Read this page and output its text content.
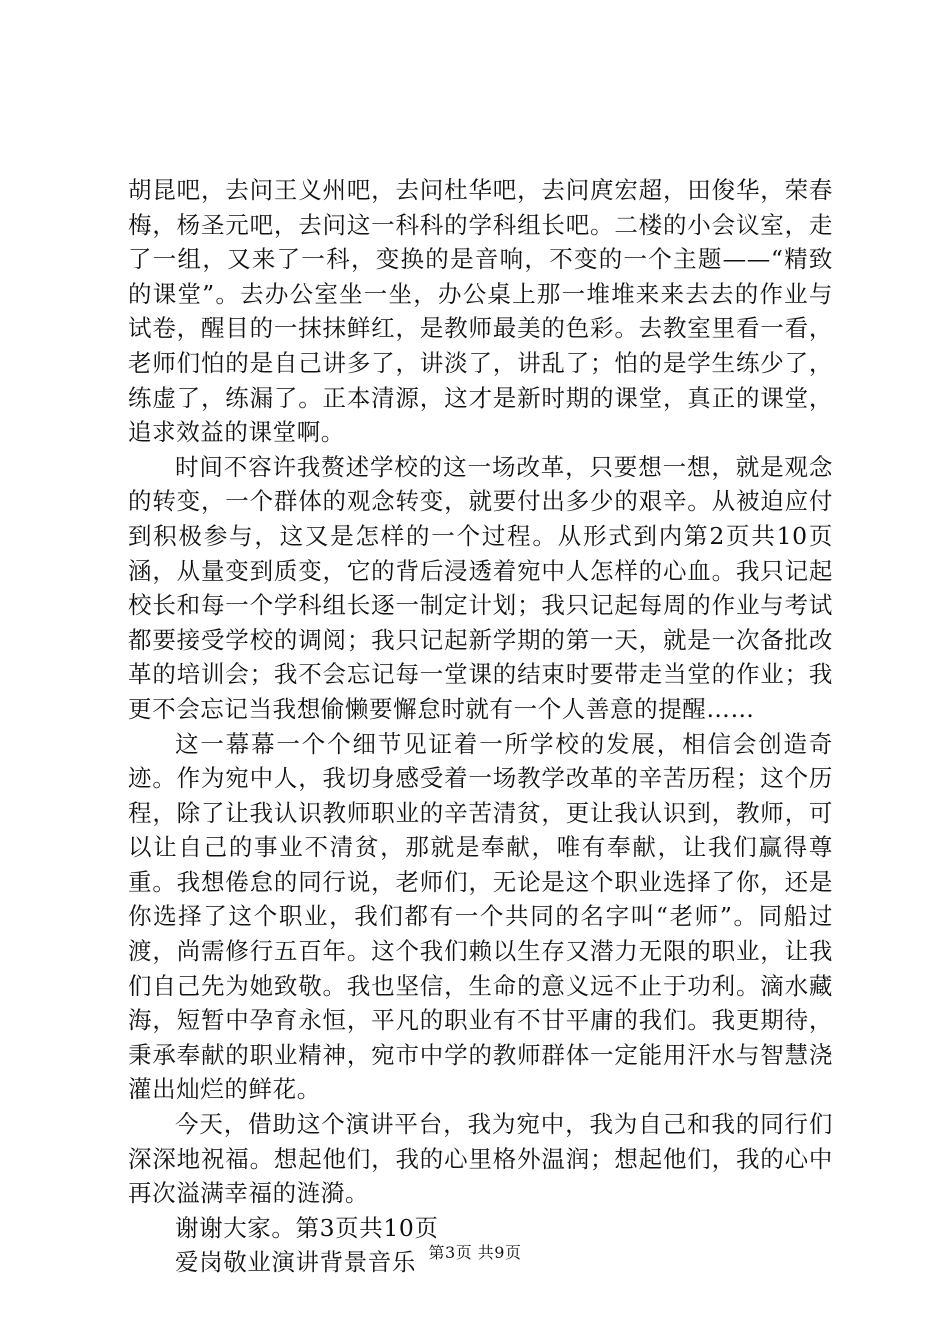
胡昆吧，去问王义州吧，去问杜华吧，去问庹宏超，田俊华，荣春梅，杨圣元吧，去问这一科科的学科组长吧。二楼的小会议室，走了一组，又来了一科，变换的是音响，不变的一个主题——“精致的课堂”。去办公室坐一坐，办公桌上那一堆堆来来去去的作业与试卷，醒目的一抹抹鲜红，是教师最美的色彩。去教室里看一看，老师们怕的是自己讲多了，讲淡了，讲乱了；怕的是学生练少了，练虚了，练漏了。正本清源，这才是新时期的课堂，真正的课堂，追求效益的课堂啊。

时间不容许我赘述学校的这一场改革，只要想一想，就是观念的转变，一个群体的观念转变，就要付出多少的艰辛。从被迫应付到积极参与，这又是怎样的一个过程。从形式到内第2页共10页涵，从量变到质变，它的背后浸透着宛中人怎样的心血。我只记起校长和每一个学科组长逐一制定计划；我只记起每周的作业与考试都要接受学校的调阅；我只记起新学期的第一天，就是一次备批改革的培训会；我不会忘记每一堂课的结束时要带走当堂的作业；我更不会忘记当我想偷懒要懈怠时就有一个人善意的提醒……

这一幕幕一个个细节见证着一所学校的发展，相信会创造奇迹。作为宛中人，我切身感受着一场教学改革的辛苦历程；这个历程，除了让我认识教师职业的辛苦清贫，更让我认识到，教师，可以让自己的事业不清贫，那就是奉献，唯有奉献，让我们赢得尊重。我想倦怠的同行说，老师们，无论是这个职业选择了你，还是你选择了这个职业，我们都有一个共同的名字叫“老师”。同船过渡，尚需修行五百年。这个我们赖以生存又潜力无限的职业，让我们自己先为她致敬。我也坚信，生命的意义远不止于功利。滴水藏海，短暂中孕育永恒，平凡的职业有不甘平庸的我们。我更期待，秉承奉献的职业精神，宛市中学的教师群体一定能用汗水与智慧浇灌出灿烂的鲜花。

今天，借助这个演讲平台，我为宛中，我为自己和我的同行们深深地祝福。想起他们，我的心里格外温润；想起他们，我的心中再次溢满幸福的涟漪。

谢谢大家。第3页共10页

爱岗敬业演讲背景音乐 第3页 共9页
